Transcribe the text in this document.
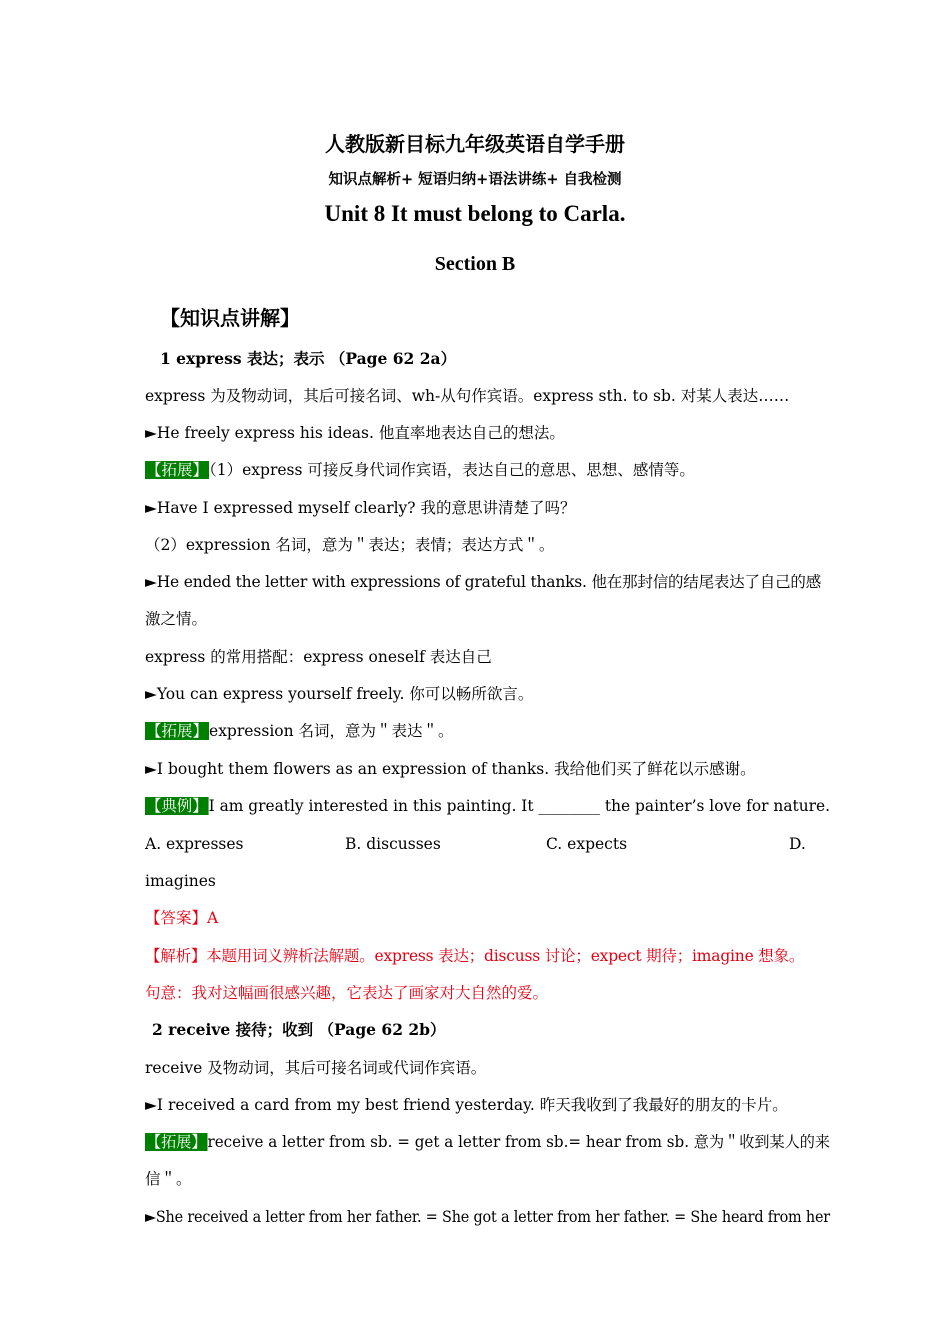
人教版新目标九年级英语自学手册
知识点解析+ 短语归纳+语法讲练+ 自我检测
Unit 8 It must belong to Carla.
Section B
【知识点讲解】
1 express 表达；表示 （Page 62 2a）
express 为及物动词，其后可接名词、wh-从句作宾语。express sth. to sb. 对某人表达……
►He freely express his ideas. 他直率地表达自己的想法。
【拓展】（1）express 可接反身代词作宾语，表达自己的意思、思想、感情等。
►Have I expressed myself clearly? 我的意思讲清楚了吗？
（2）expression 名词，意为＂表达；表情；表达方式＂。
►He ended the letter with expressions of grateful thanks. 他在那封信的结尾表达了自己的感
激之情。
express 的常用搭配：express oneself 表达自己
►You can express yourself freely. 你可以畅所欲言。
【拓展】expression 名词，意为＂表达＂。
►I bought them flowers as an expression of thanks. 我给他们买了鲜花以示感谢。
【典例】I am greatly interested in this painting. It ________ the painter’s love for nature.
A. expresses	B. discusses	C. expects	D.
imagines
【答案】A
【解析】本题用词义辨析法解题。express 表达；discuss 讨论；expect 期待；imagine 想象。
句意：我对这幅画很感兴趣，它表达了画家对大自然的爱。
2 receive 接待；收到 （Page 62 2b）
receive 及物动词，其后可接名词或代词作宾语。
►I received a card from my best friend yesterday. 昨天我收到了我最好的朋友的卡片。
【拓展】receive a letter from sb. = get a letter from sb.= hear from sb. 意为＂收到某人的来
信＂。
►She received a letter from her father. = She got a letter from her father. = She heard from her
